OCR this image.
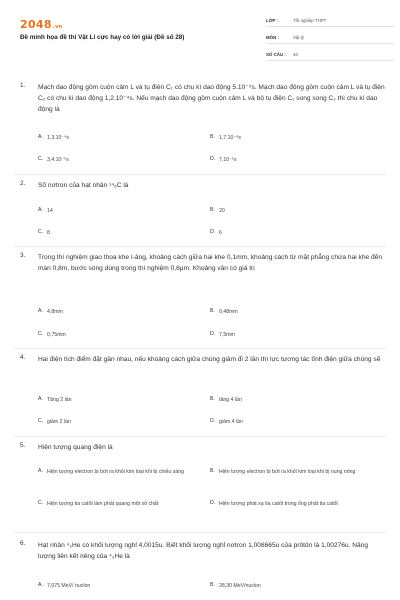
2048.vn
Đề minh họa đề thi Vật Lí cực hay có lời giải (Đề số 28)
LỚP :	Tốt nghiệp THPT
MÔN :	Vật lý
SỐ CÂU :	40
1.	Mạch dao động gồm cuộn cảm L và tụ điện C₁ có chu kì dao động 5.10⁻⁵s. Mạch dao động gồm cuộn cảm L và tụ điện C₂ có chu kì dao động 1,2.10⁻⁴s. Nếu mạch dao động gồm cuộn cảm L và bộ tụ điện C₁ song song C₂ thì chu kì dao động là
A. 1,3.10⁻⁴s	B. 1,7.10⁻⁴s
C. 3,4.10⁻⁵s	D. 7.10⁻⁵s
2.	Số nơtron của hạt nhân ¹⁴₆C là
A. 14	B. 20
C. 8	D. 6
3.	Trong thí nghiệm giao thoa khe I-âng, khoảng cách giữa hai khe 0,1mm, khoảng cách từ mặt phẳng chứa hai khe đến màn 0,8m, bước sóng dùng trong thí nghiệm 0,6μm. Khoảng vân có giá trị
A. 4,8mm	B. 0,48mm
C. 0,75mm	D. 7,5mm
4.	Hai điện tích điểm đặt gần nhau, nếu khoảng cách giữa chúng giảm đi 2 lần thì lực tương tác tĩnh điện giữa chúng sẽ
A. Tăng 2 lần	B. tăng 4 lần
C. giảm 2 lần	D. giảm 4 lần
5.	Hiện tượng quang điện là
A. Hiện tượng electron bị bứt ra khỏi kim loại khi bị chiếu sáng	B. Hiện tượng electron bị bứt ra khỏi kim loại khi bị nung nóng
C. Hiện tượng tia catốt làm phát quang một số chất	D. Hiện tượng phát xạ tia catốt trong ống phát tia catốt
6.	Hạt nhân ⁴₂He có khối lượng nghỉ 4,0015u. Biết khối lượng nghỉ nơtron 1,008665u của prôtôn là 1,00276u. Năng lượng liên kết riêng của ⁴₂He là
A. 7,075 MeV/ nuclon	B. 28,30 MeV/nuclon
